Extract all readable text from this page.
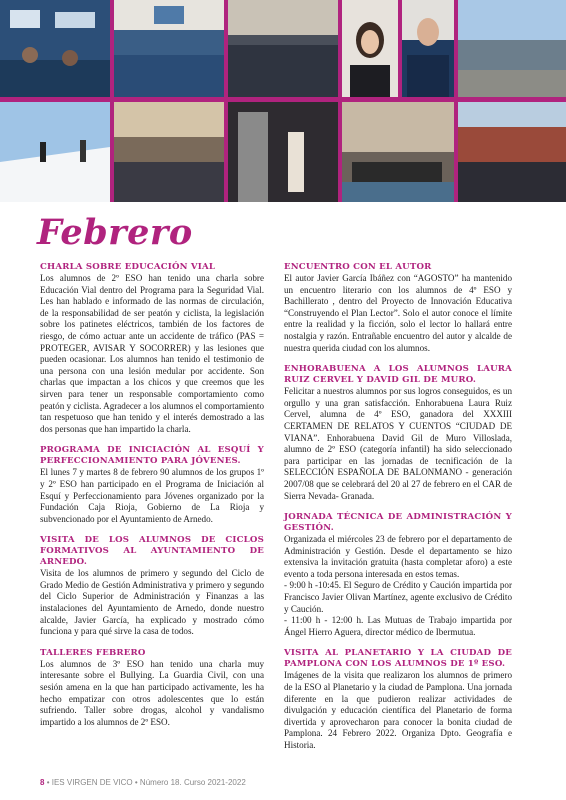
Febrero
CHARLA SOBRE EDUCACIÓN VIAL

Los alumnos de 2º ESO han tenido una charla sobre Educación Vial dentro del Programa para la Seguridad Vial. Les han hablado e informado de las normas de circulación, de la responsabilidad de ser peatón y ciclista, la legislación sobre los patinetes eléctricos, también de los factores de riesgo, de cómo actuar ante un accidente de tráfico (PAS = PROTEGER, AVISAR Y SOCORRER) y las lesiones que pueden ocasionar. Los alumnos han tenido el testimonio de una persona con una lesión medular por accidente. Son charlas que impactan a los chicos y que creemos que les sirven para tener un responsable comportamiento como peatón y ciclista. Agradecer a los alumnos el comportamiento tan respetuoso que han tenido y el interés demostrado a las dos personas que han impartido la charla.

PROGRAMA DE INICIACIÓN AL ESQUÍ Y PERFECCIONAMIENTO PARA JÓVENES.

El lunes 7 y martes 8 de febrero 90 alumnos de los grupos 1º y 2º ESO han participado en el Programa de Iniciación al Esquí y Perfeccionamiento para Jóvenes organizado por la Fundación Caja Rioja, Gobierno de La Rioja y subvencionado por el Ayuntamiento de Arnedo.

VISITA DE LOS ALUMNOS DE CICLOS FORMATIVOS AL AYUNTAMIENTO DE ARNEDO.

Visita de los alumnos de primero y segundo del Ciclo de Grado Medio de Gestión Administrativa y primero y segundo del Ciclo Superior de Administración y Finanzas a las instalaciones del Ayuntamiento de Arnedo, donde nuestro alcalde, Javier García, ha explicado y mostrado cómo funciona y para qué sirve la casa de todos.

TALLERES FEBRERO

Los alumnos de 3º ESO han tenido una charla muy interesante sobre el Bullying. La Guardia Civil, con una sesión amena en la que han participado activamente, les ha hecho empatizar con otros adolescentes que lo están sufriendo. Taller sobre drogas, alcohol y vandalismo impartido a los alumnos de 2º ESO.

ENCUENTRO CON EL AUTOR

El autor Javier García Ibáñez con “AGOSTO” ha mantenido un encuentro literario con los alumnos de 4º ESO y Bachillerato , dentro del Proyecto de Innovación Educativa “Construyendo el Plan Lector”. Solo el autor conoce el límite entre la realidad y la ficción, solo el lector lo hallará entre nostalgia y razón. Entrañable encuentro del autor y alcalde de nuestra querida ciudad con los alumnos.

ENHORABUENA A LOS ALUMNOS LAURA RUIZ CERVEL Y DAVID GIL DE MURO.

Felicitar a nuestros alumnos por sus logros conseguidos, es un orgullo y una gran satisfacción. Enhorabuena Laura Ruiz Cervel, alumna de 4º ESO, ganadora del XXXIII CERTAMEN DE RELATOS Y CUENTOS “CIUDAD DE VIANA”. Enhorabuena David Gil de Muro Villoslada, alumno de 2º ESO (categoría infantil) ha sido seleccionado para participar en las jornadas de tecnificación de la SELECCIÓN ESPAÑOLA DE BALONMANO - generación 2007/08 que se celebrará del 20 al 27 de febrero en el CAR de Sierra Nevada- Granada.

JORNADA TÉCNICA DE ADMINISTRACIÓN Y GESTIÓN.

Organizada el miércoles 23 de febrero por el departamento de Administración y Gestión. Desde el departamento se hizo extensiva la invitación gratuita (hasta completar aforo) a este evento a toda persona interesada en estos temas.
- 9:00 h -10:45. El Seguro de Crédito y Caución impartida por Francisco Javier Olivan Martínez, agente exclusivo de Crédito y Caución.
- 11:00 h - 12:00 h. Las Mutuas de Trabajo impartida por Ángel Hierro Aguera, director médico de Ibermutua.

VISITA AL PLANETARIO Y LA CIUDAD DE PAMPLONA CON LOS ALUMNOS DE 1º ESO.

Imágenes de la visita que realizaron los alumnos de primero de la ESO al Planetario y la ciudad de Pamplona. Una jornada diferente en la que pudieron realizar actividades de divulgación y educación científica del Planetario de forma divertida y aprovecharon para conocer la bonita ciudad de Pamplona. 24 Febrero 2022. Organiza Dpto. Geografía e Historia.

8 • IES VIRGEN DE VICO • Número 18. Curso 2021-2022
